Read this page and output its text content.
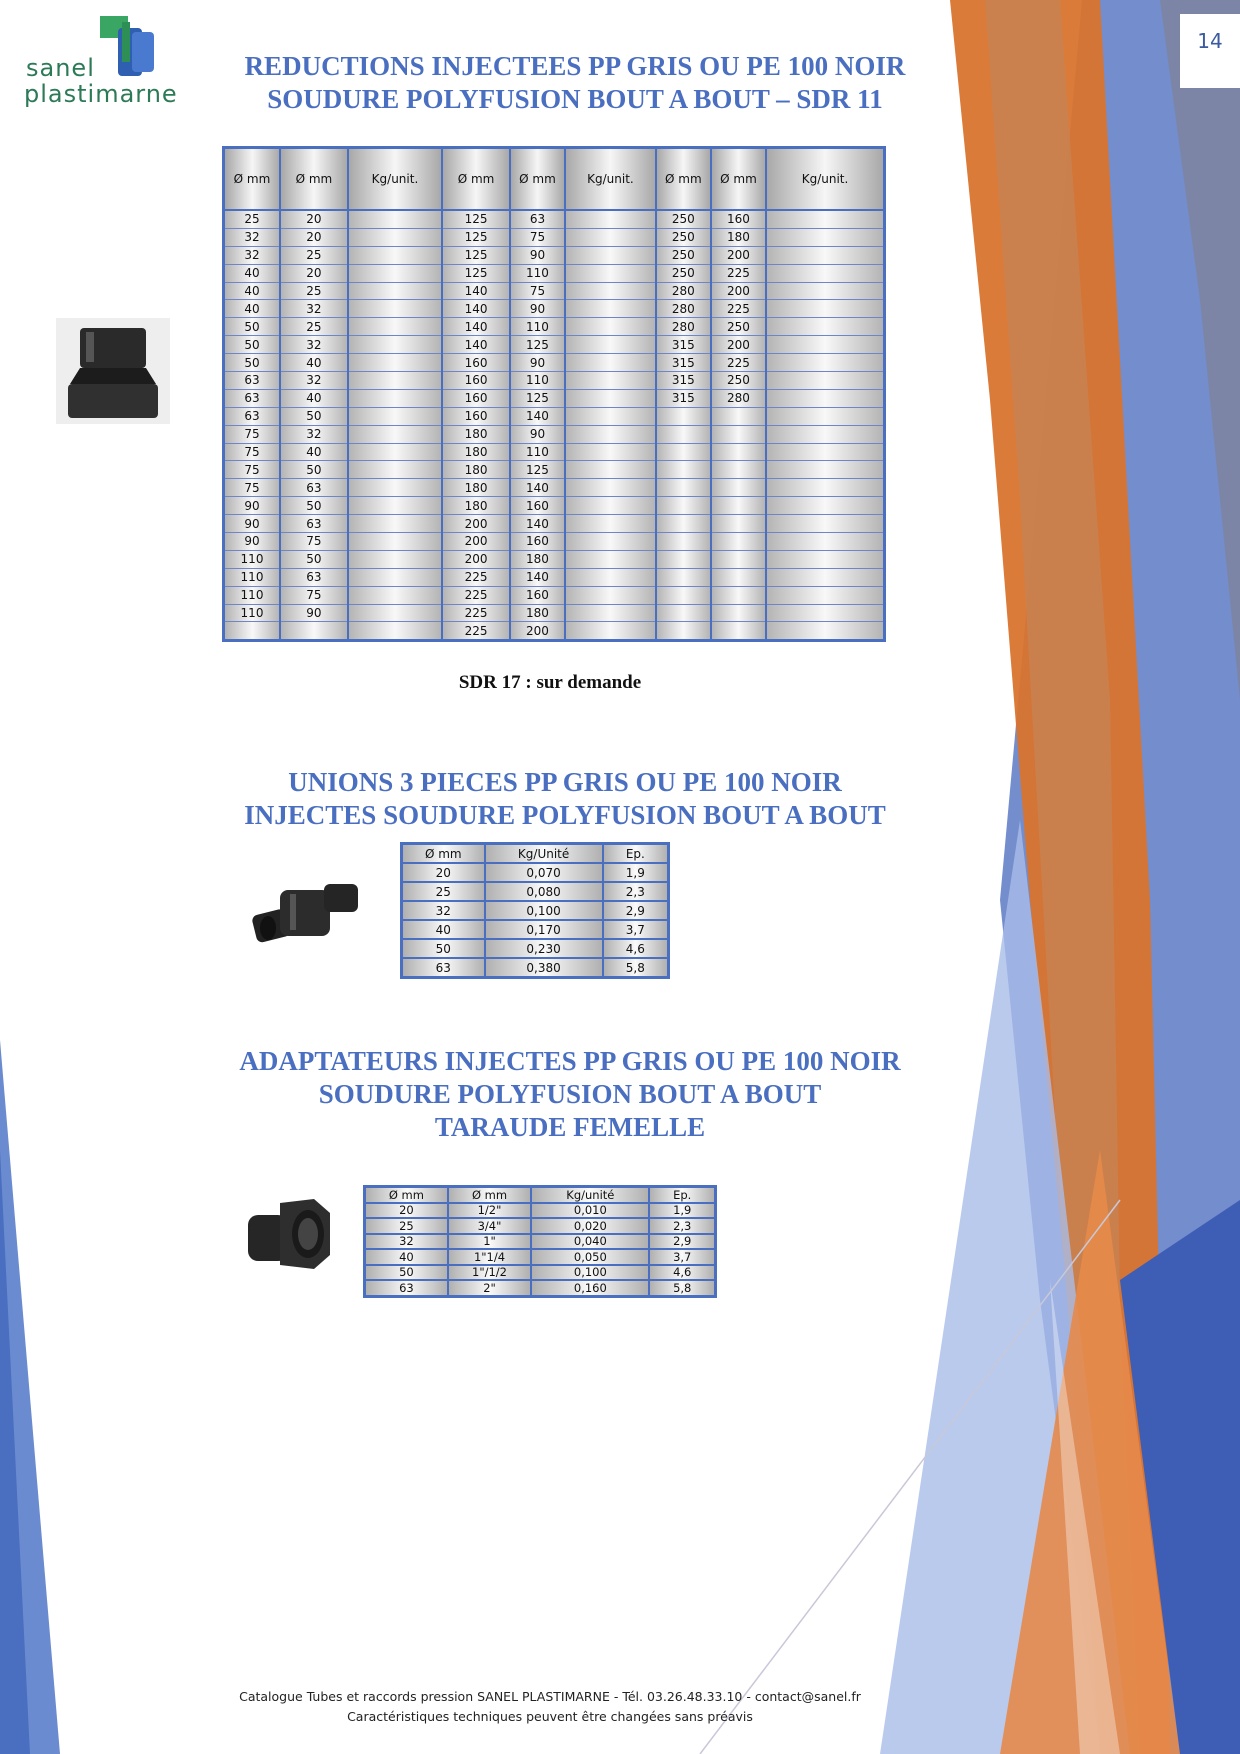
14
sanel
plastimarne
REDUCTIONS INJECTEES PP GRIS OU PE 100 NOIR
SOUDURE POLYFUSION BOUT A BOUT – SDR 11
Ø mm	Ø mm	Kg/unit.	Ø mm	Ø mm	Kg/unit.	Ø mm	Ø mm	Kg/unit.
25	20		125	63		250	160	
32	20		125	75		250	180	
32	25		125	90		250	200	
40	20		125	110		250	225	
40	25		140	75		280	200	
40	32		140	90		280	225	
50	25		140	110		280	250	
50	32		140	125		315	200	
50	40		160	90		315	225	
63	32		160	110		315	250	
63	40		160	125		315	280	
63	50		160	140				
75	32		180	90				
75	40		180	110				
75	50		180	125				
75	63		180	140				
90	50		180	160				
90	63		200	140				
90	75		200	160				
110	50		200	180				
110	63		225	140				
110	75		225	160				
110	90		225	180				
			225	200				
SDR 17 : sur demande
UNIONS 3 PIECES PP GRIS OU PE 100 NOIR
INJECTES SOUDURE POLYFUSION BOUT A BOUT
Ø mm	Kg/Unité	Ep.
20	0,070	1,9
25	0,080	2,3
32	0,100	2,9
40	0,170	3,7
50	0,230	4,6
63	0,380	5,8
ADAPTATEURS INJECTES PP GRIS OU PE 100 NOIR
SOUDURE POLYFUSION BOUT A BOUT
TARAUDE FEMELLE
Ø mm	Ø mm	Kg/unité	Ep.
20	1/2"	0,010	1,9
25	3/4"	0,020	2,3
32	1"	0,040	2,9
40	1"1/4	0,050	3,7
50	1"/1/2	0,100	4,6
63	2"	0,160	5,8
Catalogue Tubes et raccords pression SANEL PLASTIMARNE - Tél. 03.26.48.33.10 - contact@sanel.fr
Caractéristiques techniques peuvent être changées sans préavis
